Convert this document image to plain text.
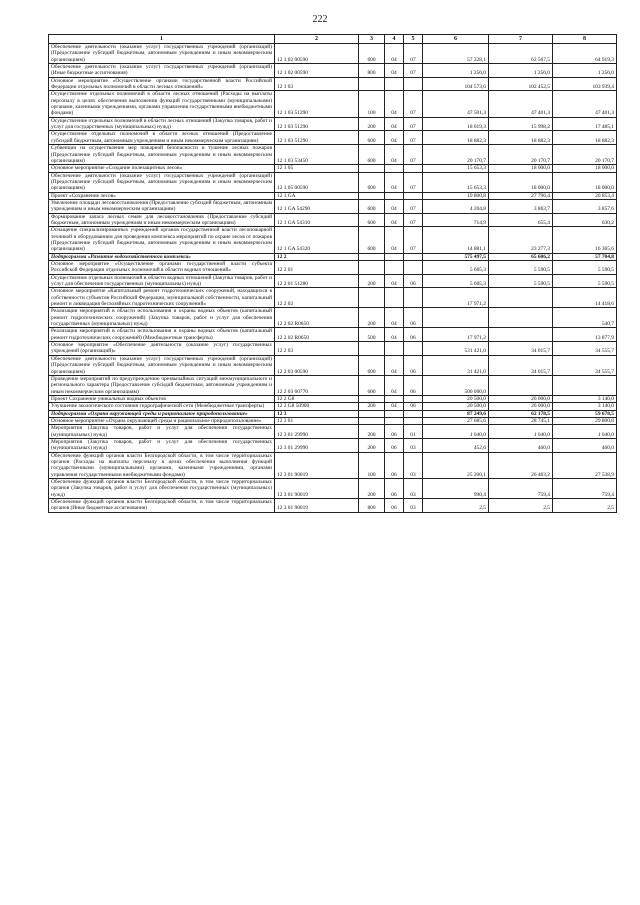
222
1	2	3	4	5	6	7	8
Обеспечение деятельности (оказание услуг) государственных учреждений (организаций) (Предоставление субсидий бюджетным, автономным учреждениям и иным некоммерческим организациям)	12 1 02 00590	600	04	07	57 228,1	62 567,5	64 919,3
Обеспечение деятельности (оказание услуг) государственных учреждений (организаций) (Иные бюджетные ассигнования)	12 1 02 00590	800	04	07	1 256,0	1 256,0	1 256,0
Основное мероприятие «Осуществление органами государственной власти Российской Федерации отдельных полномочий в области лесных отношений»	12 1 03				104 573,6	102 452,5	103 939,4
Осуществление отдельных полномочий в области лесных отношений (Расходы на выплаты персоналу в целях обеспечения выполнения функций государственными (муниципальными) органами, казенными учреждениями, органами управления государственными внебюджетными фондами)	12 1 03 51290	100	04	07	47 501,3	47 401,3	47 401,3
Осуществление отдельных полномочий в области лесных отношений (Закупка товаров, работ и услуг для государственных (муниципальных) нужд)	12 1 03 51290	200	04	07	18 019,3	15 998,2	17 485,1
Осуществление отдельных полномочий в области лесных отношений (Предоставление субсидий бюджетным, автономным учреждениям и иным некоммерческим организациям)	12 1 03 51290	600	04	07	18 882,3	18 882,3	18 882,3
Субвенции на осуществление мер пожарной безопасности и тушение лесных пожаров (Предоставление субсидий бюджетным, автономным учреждениям и иным некоммерческим организациям)	12 1 03 53450	600	04	07	20 170,7	20 170,7	20 170,7
Основное мероприятие «Создание полезащитных лесов»	12 1 05				15 653,3	18 000,0	18 000,0
Обеспечение деятельности (оказание услуг) государственных учреждений (организаций) (Предоставление субсидий бюджетным, автономным учреждениям и иным некоммерческим организациям)	12 1 05 00590	600	04	07	15 653,3	18 000,0	18 000,0
Проект «Сохранение лесов»	12 1 GA				19 800,8	27 796,4	20 853,4
Увеличение площади лесовосстановления (Предоставление субсидий бюджетным, автономным учреждениям и иным некоммерческим организациям)	12 1 GA 54290	600	04	07	4 204,8	3 863,7	3 857,6
Формирование запаса лесных семян для лесовосстановления (Предоставление субсидий бюджетным, автономным учреждениям и иным некоммерческим организациям)	12 1 GA 54310	600	04	07	714,9	655,4	630,2
Оснащение специализированных учреждений органов государственной власти лесопожарной техникой и оборудованием для проведения комплекса мероприятий по охране лесов от пожаров (Предоставление субсидий бюджетным, автономным учреждениям и иным некоммерческим организациям)	12 1 GA 54320	600	04	07	14 881,1	23 277,3	16 365,6
Подпрограмма «Развитие водохозяйственного комплекса»	12 2				575 497,5	65 606,2	57 704,8
Основное мероприятие «Осуществление органами государственной власти субъекта Российской Федерации отдельных полномочий в области водных отношений»	12 2 01				5 605,3	5 590,5	5 590,5
Осуществление отдельных полномочий в области водных отношений (Закупка товаров, работ и услуг для обеспечения государственных (муниципальных) нужд)	12 2 01 51280	200	04	06	5 605,3	5 590,5	5 590,5
Основное мероприятие «Капитальный ремонт гидротехнических сооружений, находящихся в собственности субъектов Российской Федерации, муниципальной собственности, капитальный ремонт и ликвидация бесхозяйных гидротехнических сооружений»	12 2 02				17 971,2		14 418,6
Реализация мероприятий в области использования и охраны водных объектов (капитальный ремонт гидротехнических сооружений) (Закупка товаров, работ и услуг для обеспечения государственных (муниципальных) нужд)	12 2 02 R0650	200	04	06			540,7
Реализация мероприятий в области использования и охраны водных объектов (капитальный ремонт гидротехнических сооружений) (Межбюджетные трансферты)	12 2 02 R0650	500	04	06	17 971,2		13 877,9
Основное мероприятие «Обеспечение деятельности (оказание услуг) государственных учреждений (организаций)»	12 2 03				531 421,0	34 015,7	34 555,7
Обеспечение деятельности (оказание услуг) государственных учреждений (организаций) (Предоставление субсидий бюджетным, автономным учреждениям и иным некоммерческим организациям)	12 2 03 00590	600	04	06	31 421,0	34 015,7	34 555,7
Проведение мероприятий по предупреждению чрезвычайных ситуаций межмуниципального и регионального характера (Предоставление субсидий бюджетным, автономным учреждениям и иным некоммерческим организациям)	12 2 03 60770	600	04	06	500 000,0		
Проект Сохранение уникальных водных объектов	12 2 G8				20 500,0	26 000,0	3 140,0
Улучшение экологического состояния гидрографической сети (Межбюджетные трансферты)	12 2 G8 50900	200	04	06	20 500,0	26 000,0	3 140,0
Подпрограмма «Охрана окружающей среды и рациональное природопользование»	12 3				87 249,6	62 178,5	59 678,5
Основное мероприятие «Охрана окружающей среды и рациональное природопользование»	12 3 01				27 685,6	28 745,1	29 800,8
Мероприятия (Закупка товаров, работ и услуг для обеспечения государственных (муниципальных) нужд)	12 3 01 29990	200	06	01	1 040,0	1 040,0	1 040,0
Мероприятия (Закупка товаров, работ и услуг для обеспечения государственных (муниципальных) нужд)	12 3 01 29990	200	06	03	452,6	460,0	460,0
Обеспечение функций органов власти Белгородской области, в том числе территориальных органов (Расходы на выплаты персоналу в целях обеспечения выполнения функций государственными (муниципальными) органами, казенными учреждениями, органами управления государственными внебюджетными фондами)	12 3 01 90019	100	06	03	25 200,1	26 483,2	27 538,9
Обеспечение функций органов власти Белгородской области, в том числе территориальных органов (Закупка товаров, работ и услуг для обеспечения государственных (муниципальных) нужд)	12 3 01 90019	200	06	03	990,4	759,4	759,4
Обеспечение функций органов власти Белгородской области, в том числе территориальных органов (Иные бюджетные ассигнования)	12 3 01 90019	800	06	03	2,5	2,5	2,5
